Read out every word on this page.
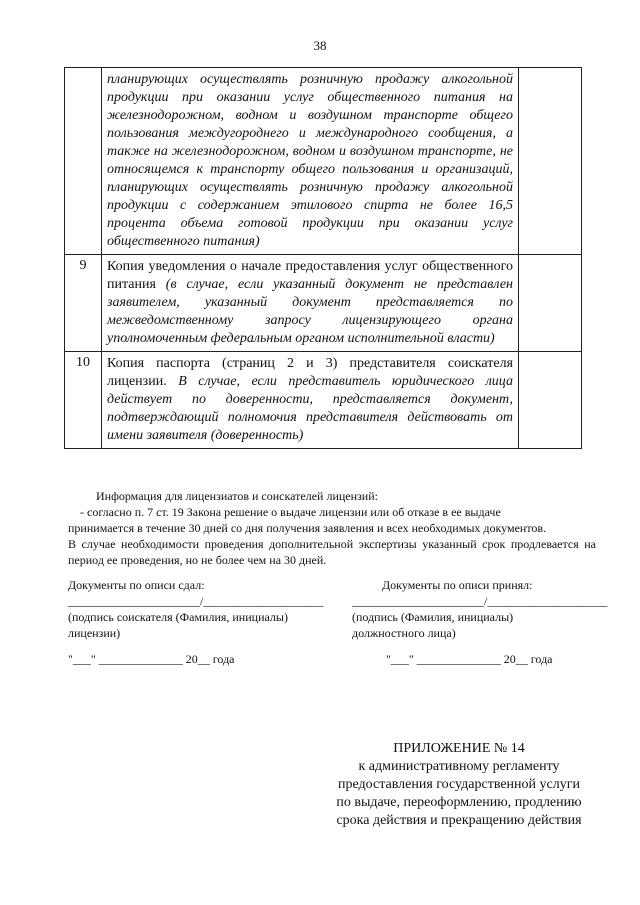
38
	планирующих осуществлять розничную продажу алкогольной продукции при оказании услуг общественного питания на железнодорожном, водном и воздушном транспорте общего пользования междугороднего и международного сообщения, а также на железнодорожном, водном и воздушном транспорте, не относящемся к транспорту общего пользования и организаций, планирующих осуществлять розничную продажу алкогольной продукции с содержанием этилового спирта не более 16,5 процента объема готовой продукции при оказании услуг общественного питания)	
9	Копия уведомления о начале предоставления услуг общественного питания (в случае, если указанный документ не представлен заявителем, указанный документ представляется по межведомственному запросу лицензирующего органа уполномоченным федеральным органом исполнительной власти)	
10	Копия паспорта (страниц 2 и 3) представителя соискателя лицензии. В случае, если представитель юридического лица действует по доверенности, представляется документ, подтверждающий полномочия представителя действовать от имени заявителя (доверенность)	
Информация для лицензиатов и соискателей лицензий:
- согласно п. 7 ст. 19 Закона решение о выдаче лицензии или об отказе в ее выдаче
принимается в течение 30 дней со дня получения заявления и всех необходимых документов.
В случае необходимости проведения дополнительной экспертизы указанный срок продлевается на период ее проведения, но не более чем на 30 дней.
Документы по описи сдал:
______________________/____________________
(подпись соискателя (Фамилия, инициалы)
лицензии)
Документы по описи принял:
______________________/____________________
(подпись (Фамилия, инициалы)
должностного лица)
"___" ______________ 20__ года	"___" ______________ 20__ года
ПРИЛОЖЕНИЕ № 14
к административному регламенту
предоставления государственной услуги
по выдаче, переоформлению, продлению
срока действия и прекращению действия
